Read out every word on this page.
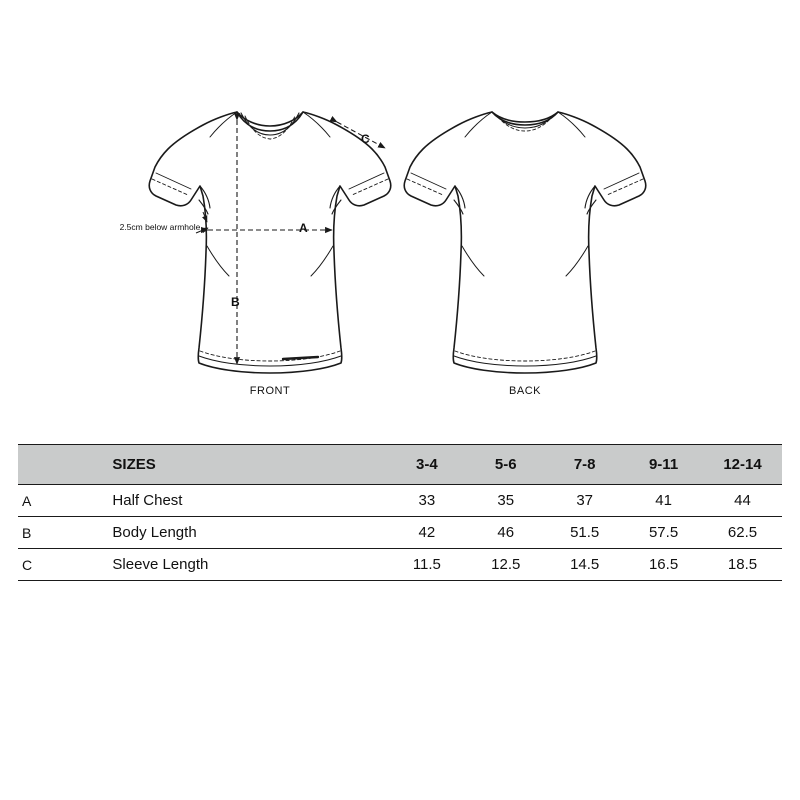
FRONT	BACK
A
B
C
2.5cm below armhole
	SIZES	3-4	5-6	7-8	9-11	12-14
A	Half Chest	33	35	37	41	44
B	Body Length	42	46	51.5	57.5	62.5
C	Sleeve Length	11.5	12.5	14.5	16.5	18.5
